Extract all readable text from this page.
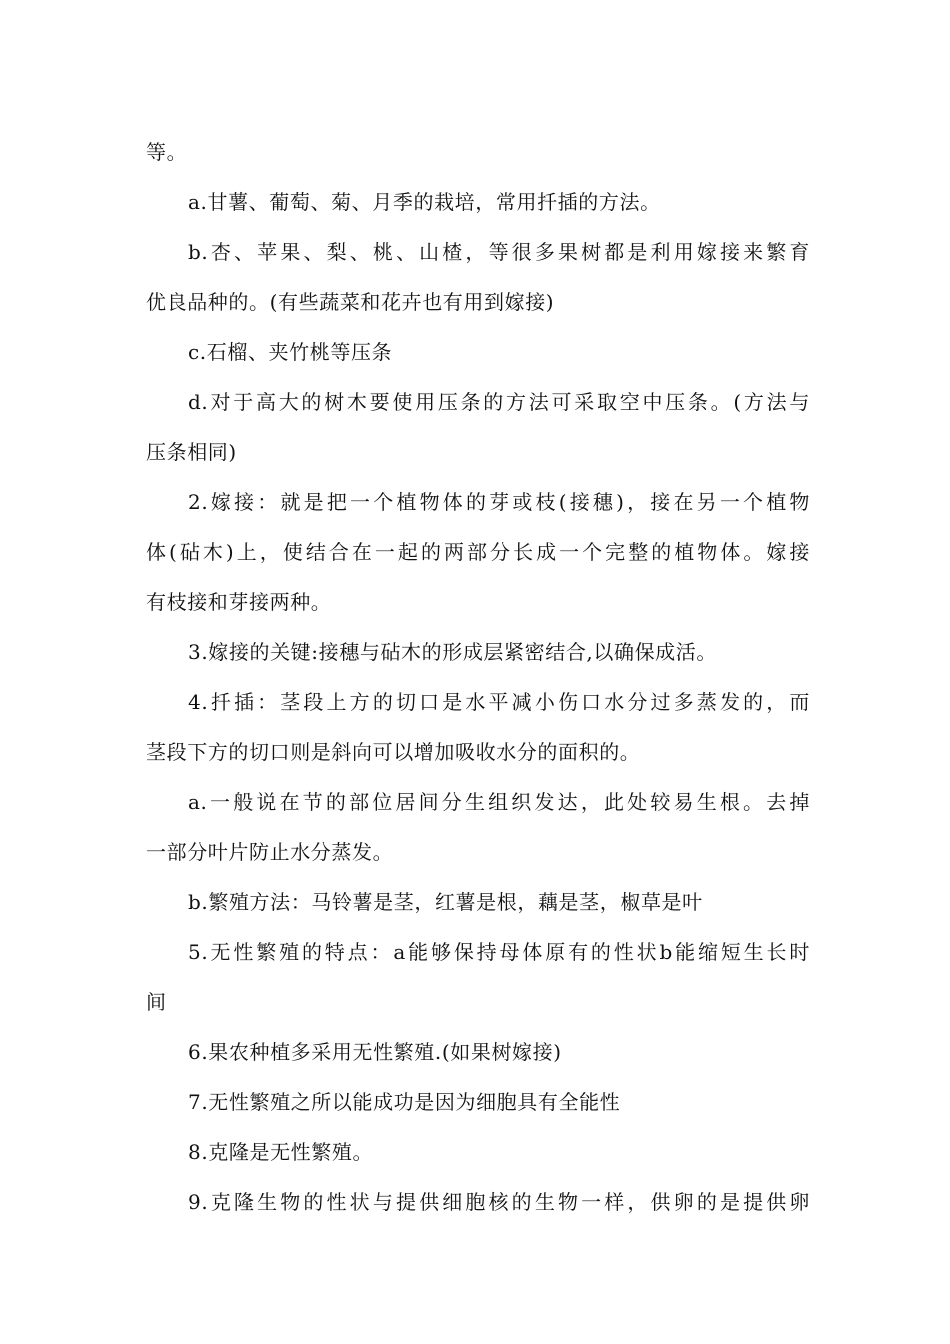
等。
a.甘薯、葡萄、菊、月季的栽培，常用扦插的方法。
b.杏、苹果、梨、桃、山楂，等很多果树都是利用嫁接来繁育
优良品种的。(有些蔬菜和花卉也有用到嫁接)
c.石榴、夹竹桃等压条
d.对于高大的树木要使用压条的方法可采取空中压条。(方法与
压条相同)
2.嫁接：就是把一个植物体的芽或枝(接穗)，接在另一个植物
体(砧木)上，使结合在一起的两部分长成一个完整的植物体。嫁接
有枝接和芽接两种。
3.嫁接的关键:接穗与砧木的形成层紧密结合,以确保成活。
4.扦插：茎段上方的切口是水平减小伤口水分过多蒸发的，而
茎段下方的切口则是斜向可以增加吸收水分的面积的。
a.一般说在节的部位居间分生组织发达，此处较易生根。去掉
一部分叶片防止水分蒸发。
b.繁殖方法：马铃薯是茎，红薯是根，藕是茎，椒草是叶
5.无性繁殖的特点：a能够保持母体原有的性状b能缩短生长时
间
6.果农种植多采用无性繁殖.(如果树嫁接)
7.无性繁殖之所以能成功是因为细胞具有全能性
8.克隆是无性繁殖。
9.克隆生物的性状与提供细胞核的生物一样，供卵的是提供卵
